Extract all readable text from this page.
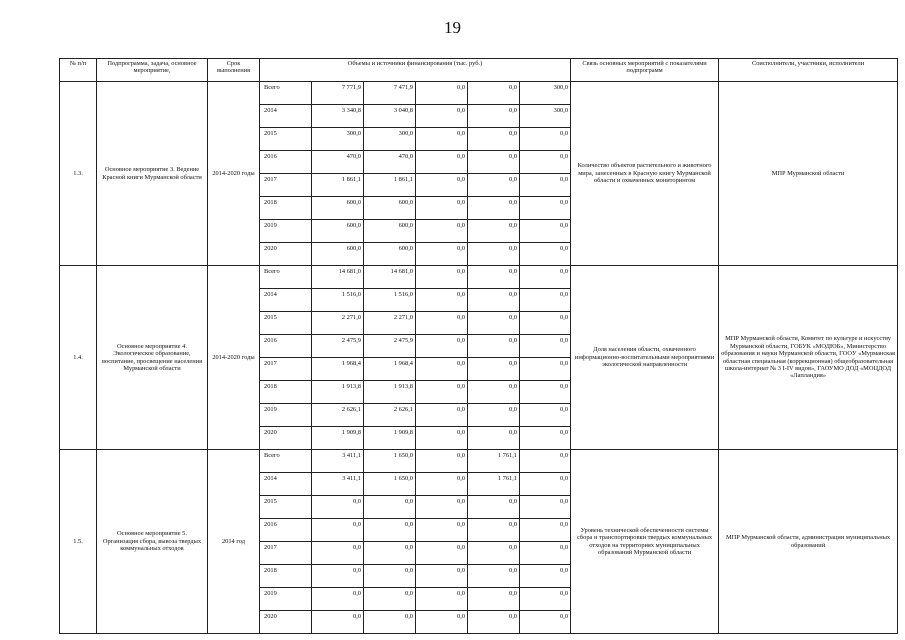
19
№ п/п	Подпрограмма, задача, основное мероприятие,	Срок выполнения	Объемы и источники финансирования (тыс. руб.)						Связь основных мероприятий с показателями подпрограмм	Соисполнители, участники, исполнители
1.3.	Основное мероприятие 3. Ведение Красной книги Мурманской области	2014-2020 годы	Всего	7 771,9	7 471,9	0,0	0,0	300,0	Количество объектов растительного и животного мира, занесенных в Красную книгу Мурманской области и охваченных мониторингом	МПР Мурманской области
			2014	3 340,8	3 040,8	0,0	0,0	300,0		
			2015	300,0	300,0	0,0	0,0	0,0		
			2016	470,0	470,0	0,0	0,0	0,0		
			2017	1 861,1	1 861,1	0,0	0,0	0,0		
			2018	600,0	600,0	0,0	0,0	0,0		
			2019	600,0	600,0	0,0	0,0	0,0		
			2020	600,0	600,0	0,0	0,0	0,0		
1.4.	Основное мероприятие 4. Экологическое образование, воспитание, просвещение населения Мурманской области	2014-2020 годы	Всего	14 681,0	14 681,0	0,0	0,0	0,0	Доля населения области, охваченного информационно-воспитательными мероприятиями экологической направленности	МПР Мурманской области, Комитет по культуре и искусству Мурманской области, ГОБУК «МОДЮБ», Министерство образования и науки Мурманской области, ГОOУ «Мурманская областная специальная (коррекционная) общеобразовательная школа-интернат № 3 I-IV видов», ГАОУМО ДОД «МОЦДОД «Лапландия»
			2014	1 516,0	1 516,0	0,0	0,0	0,0		
			2015	2 271,0	2 271,0	0,0	0,0	0,0		
			2016	2 475,9	2 475,9	0,0	0,0	0,0		
			2017	1 968,4	1 968,4	0,0	0,0	0,0		
			2018	1 913,8	1 913,8	0,0	0,0	0,0		
			2019	2 626,1	2 626,1	0,0	0,0	0,0		
			2020	1 909,8	1 909,8	0,0	0,0	0,0		
1.5.	Основное мероприятие 5. Организация сбора, вывоза твердых коммунальных отходов	2014 год	Всего	3 411,1	1 650,0	0,0	1 761,1	0,0	Уровень технической обеспеченности системы сбора и транспортировки твердых коммунальных отходов на территориях муниципальных образований Мурманской области	МПР Мурманской области, администрации муниципальных образований
			2014	3 411,1	1 650,0	0,0	1 761,1	0,0		
			2015	0,0	0,0	0,0	0,0	0,0		
			2016	0,0	0,0	0,0	0,0	0,0		
			2017	0,0	0,0	0,0	0,0	0,0		
			2018	0,0	0,0	0,0	0,0	0,0		
			2019	0,0	0,0	0,0	0,0	0,0		
			2020	0,0	0,0	0,0	0,0	0,0		
